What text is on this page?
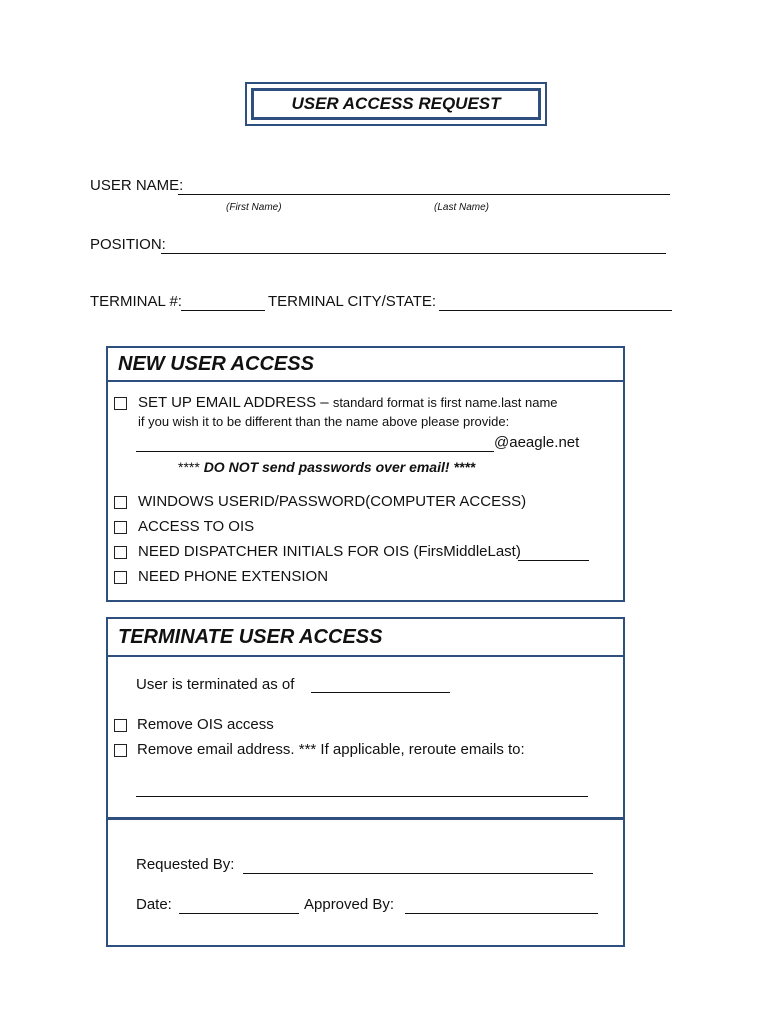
USER ACCESS REQUEST
USER NAME:
(First Name)	(Last Name)
POSITION:
TERMINAL #:	TERMINAL CITY/STATE:
NEW USER ACCESS
SET UP EMAIL ADDRESS – standard format is first name.last name
if you wish it to be different than the name above please provide:
@aeagle.net
**** DO NOT send passwords over email! ****
WINDOWS USERID/PASSWORD(COMPUTER ACCESS)
ACCESS TO OIS
NEED DISPATCHER INITIALS FOR OIS (FirsMiddleLast)
NEED PHONE EXTENSION
TERMINATE USER ACCESS
User is terminated as of
Remove OIS access
Remove email address. *** If applicable, reroute emails to:
Requested By:
Date:	Approved By:
